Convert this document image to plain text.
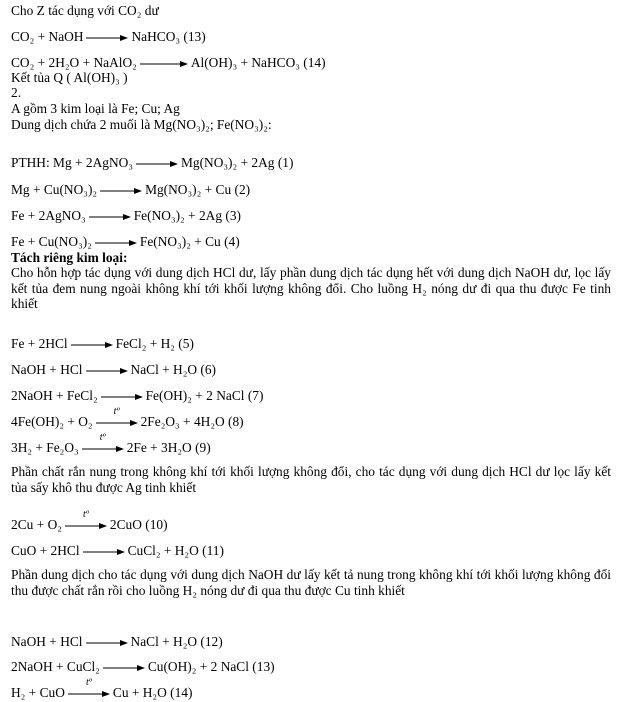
Cho Z tác dụng với CO₂ dư
CO₂ + NaOH → NaHCO₃ (13)
CO₂ + 2H₂O + NaAlO₂ → Al(OH)₃ + NaHCO₃ (14)
Kết tủa Q ( Al(OH)₃ )
2.
A gồm 3 kim loại là Fe; Cu; Ag
Dung dịch chứa 2 muối là Mg(NO₃)₂; Fe(NO₃)₂:
PTHH: Mg + 2AgNO₃ → Mg(NO₃)₂ + 2Ag (1)
Mg + Cu(NO₃)₂ → Mg(NO₃)₂ + Cu (2)
Fe + 2AgNO₃ → Fe(NO₃)₂ + 2Ag (3)
Fe + Cu(NO₃)₂ → Fe(NO₃)₂ + Cu (4)
Tách riêng kim loại:
Cho hỗn hợp tác dụng với dung dịch HCl dư, lấy phần dung dịch tác dụng hết với dung dịch NaOH dư, lọc lấy kết tủa đem nung ngoài không khí tới khối lượng không đổi. Cho luồng H₂ nóng dư đi qua thu được Fe tinh khiết
Fe + 2HCl → FeCl₂ + H₂ (5)
NaOH + HCl → NaCl + H₂O (6)
2NaOH + FeCl₂ → Fe(OH)₂ + 2 NaCl (7)
4Fe(OH)₂ + O₂
tº
2Fe₂O₃ + 4H₂O (8)
3H₂ + Fe₂O₃
tº
2Fe + 3H₂O (9)
Phần chất rắn nung trong không khí tới khối lượng không đổi, cho tác dụng với dung dịch HCl dư lọc lấy kết tủa sấy khô thu được Ag tinh khiết
2Cu + O₂
tº
2CuO (10)
CuO + 2HCl → CuCl₂ + H₂O (11)
Phần dung dịch cho tác dụng với dung dịch NaOH dư lấy kết tả nung trong không khí tới khối lượng không đổi thu được chất rắn rồi cho luồng H₂ nóng dư đi qua thu được Cu tinh khiết
NaOH + HCl → NaCl + H₂O (12)
2NaOH + CuCl₂ → Cu(OH)₂ + 2 NaCl (13)
H₂ + CuO
tº
Cu + H₂O (14)
